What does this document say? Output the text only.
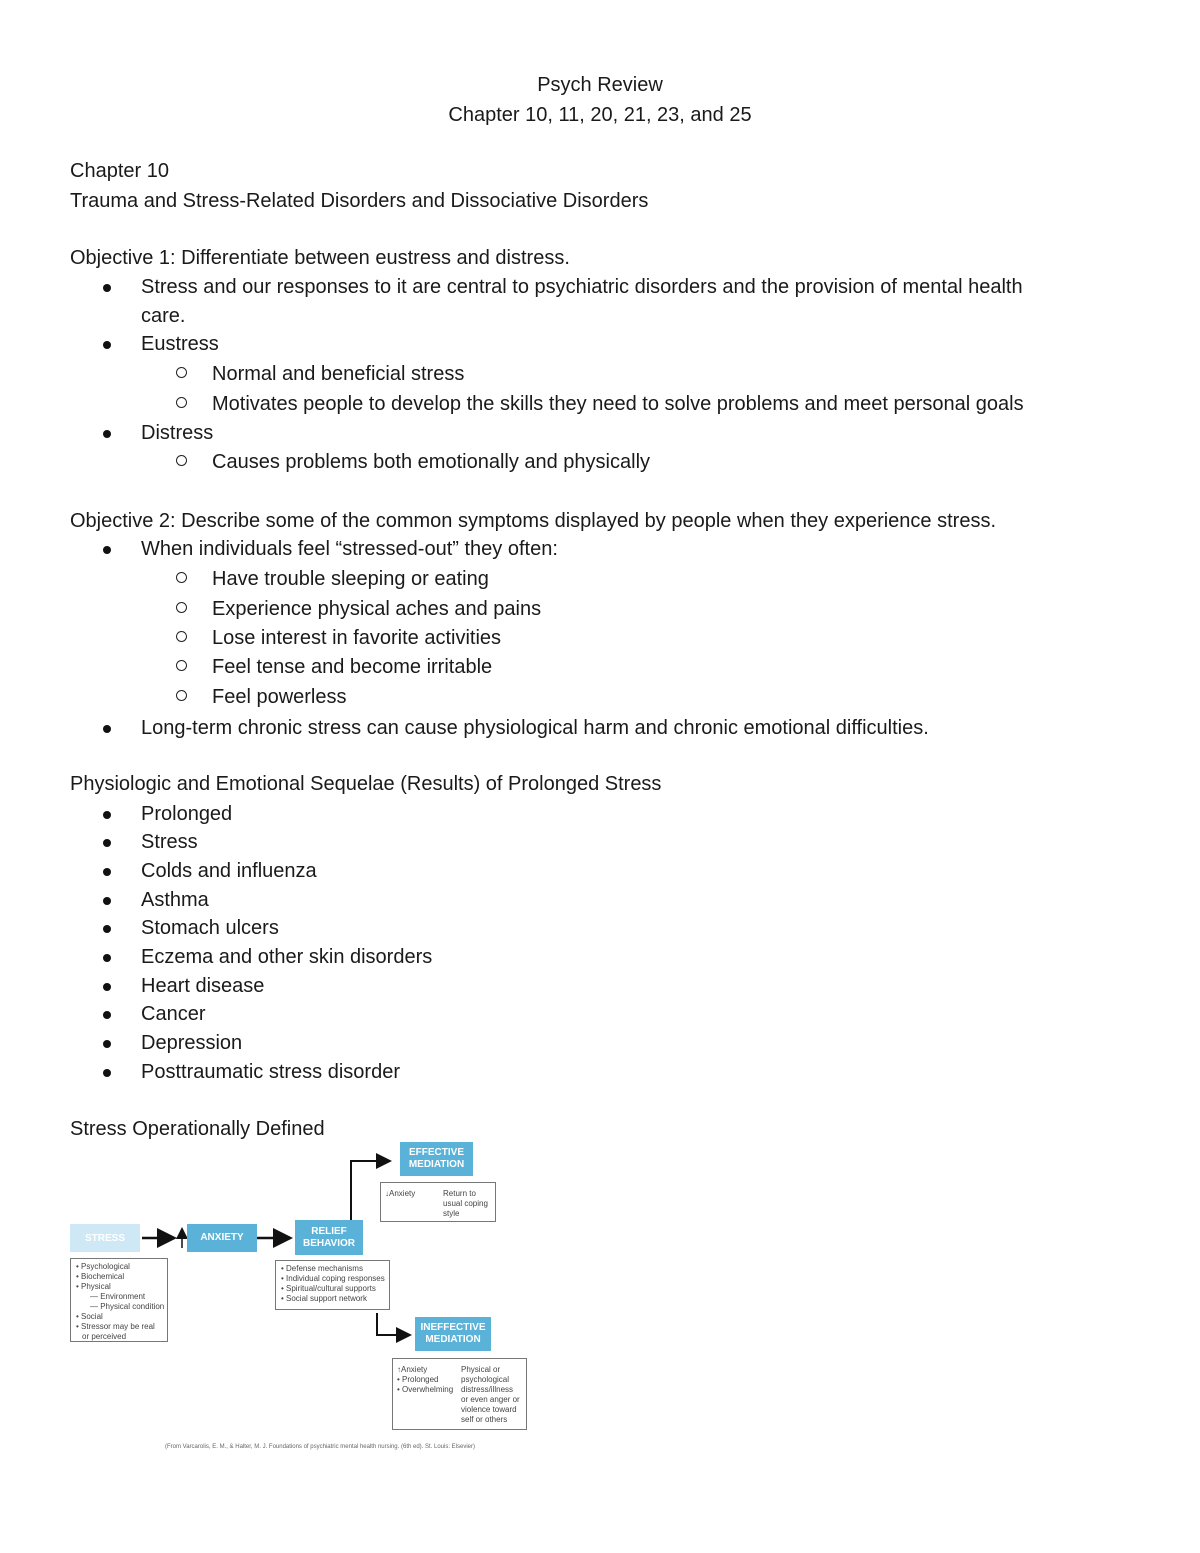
Psych Review
Chapter 10, 11, 20, 21, 23, and 25
Chapter 10
Trauma and Stress-Related Disorders and Dissociative Disorders
Objective 1: Differentiate between eustress and distress.
Stress and our responses to it are central to psychiatric disorders and the provision of mental health
care.
Eustress
Normal and beneficial stress
Motivates people to develop the skills they need to solve problems and meet personal goals
Distress
Causes problems both emotionally and physically
Objective 2: Describe some of the common symptoms displayed by people when they experience stress.
When individuals feel “stressed-out” they often:
Have trouble sleeping or eating
Experience physical aches and pains
Lose interest in favorite activities
Feel tense and become irritable
Feel powerless
Long-term chronic stress can cause physiological harm and chronic emotional difficulties.
Physiologic and Emotional Sequelae (Results) of Prolonged Stress
Prolonged
Stress
Colds and influenza
Asthma
Stomach ulcers
Eczema and other skin disorders
Heart disease
Cancer
Depression
Posttraumatic stress disorder
Stress Operationally Defined
STRESS	ANXIETY
RELIEF BEHAVIOR
EFFECTIVE MEDIATION
INEFFECTIVE MEDIATION
• Psychological
• Biochemical
• Physical
— Environment
— Physical condition
• Social
• Stressor may be real
or perceived
• Defense mechanisms
• Individual coping responses
• Spiritual/cultural supports
• Social support network
↓Anxiety	Return to
usual coping
style
↑Anxiety
• Prolonged
• Overwhelming
Physical or
psychological
distress/illness
or even anger or
violence toward
self or others
(From Varcarolis, E. M., & Halter, M. J. Foundations of psychiatric mental health nursing. (6th ed). St. Louis: Elsevier)
